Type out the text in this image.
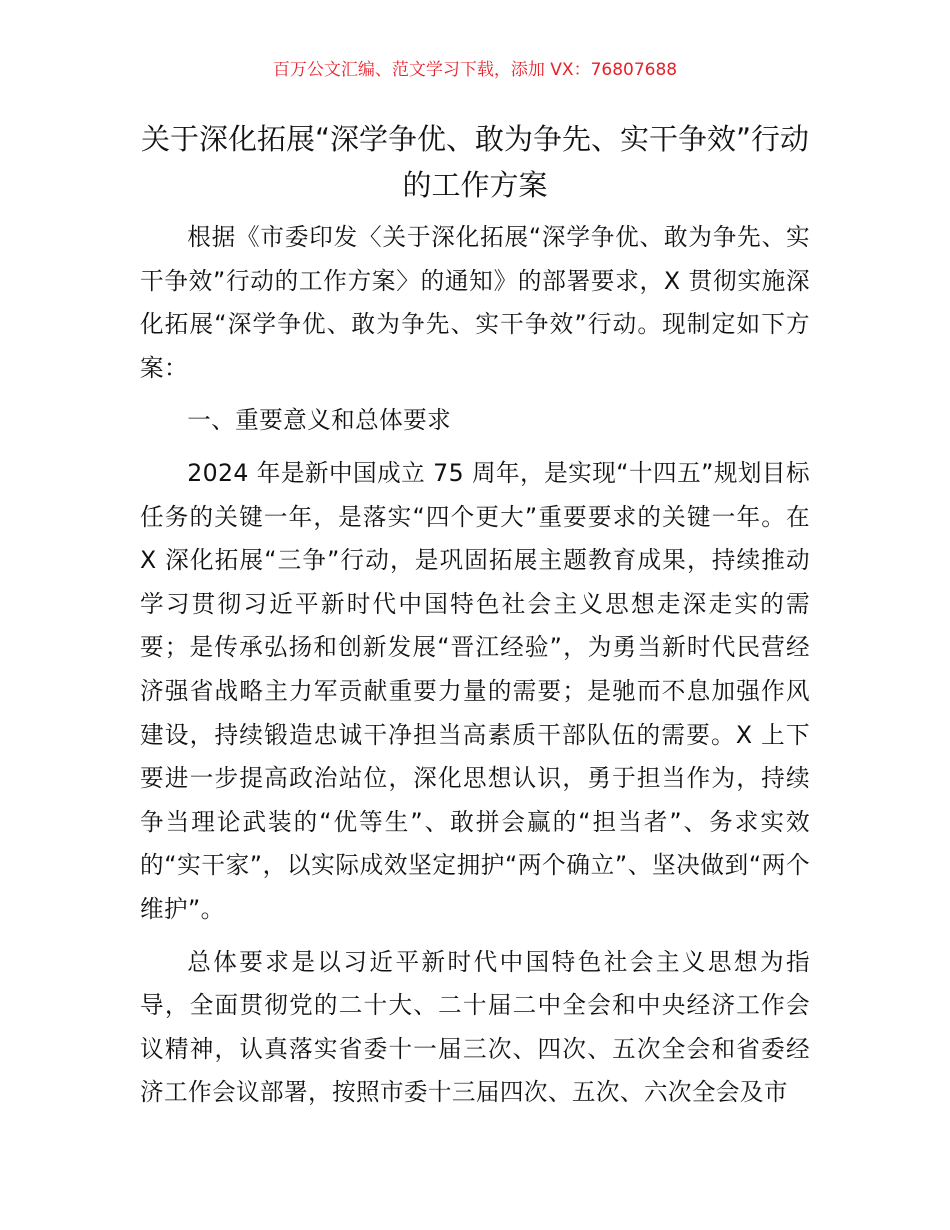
百万公文汇编、范文学习下载，添加 VX：76807688
关于深化拓展“深学争优、敢为争先、实干争效”行动的工作方案

根据《市委印发〈关于深化拓展“深学争优、敢为争先、实干争效”行动的工作方案〉的通知》的部署要求，X 贯彻实施深化拓展“深学争优、敢为争先、实干争效”行动。现制定如下方案：

一、重要意义和总体要求

2024 年是新中国成立 75 周年，是实现“十四五”规划目标任务的关键一年，是落实“四个更大”重要要求的关键一年。在 X 深化拓展“三争”行动，是巩固拓展主题教育成果，持续推动学习贯彻习近平新时代中国特色社会主义思想走深走实的需要；是传承弘扬和创新发展“晋江经验”，为勇当新时代民营经济强省战略主力军贡献重要力量的需要；是驰而不息加强作风建设，持续锻造忠诚干净担当高素质干部队伍的需要。X 上下要进一步提高政治站位，深化思想认识，勇于担当作为，持续争当理论武装的“优等生”、敢拼会赢的“担当者”、务求实效的“实干家”，以实际成效坚定拥护“两个确立”、坚决做到“两个维护”。

总体要求是以习近平新时代中国特色社会主义思想为指导，全面贯彻党的二十大、二十届二中全会和中央经济工作会议精神，认真落实省委十一届三次、四次、五次全会和省委经济工作会议部署，按照市委十三届四次、五次、六次全会及市
